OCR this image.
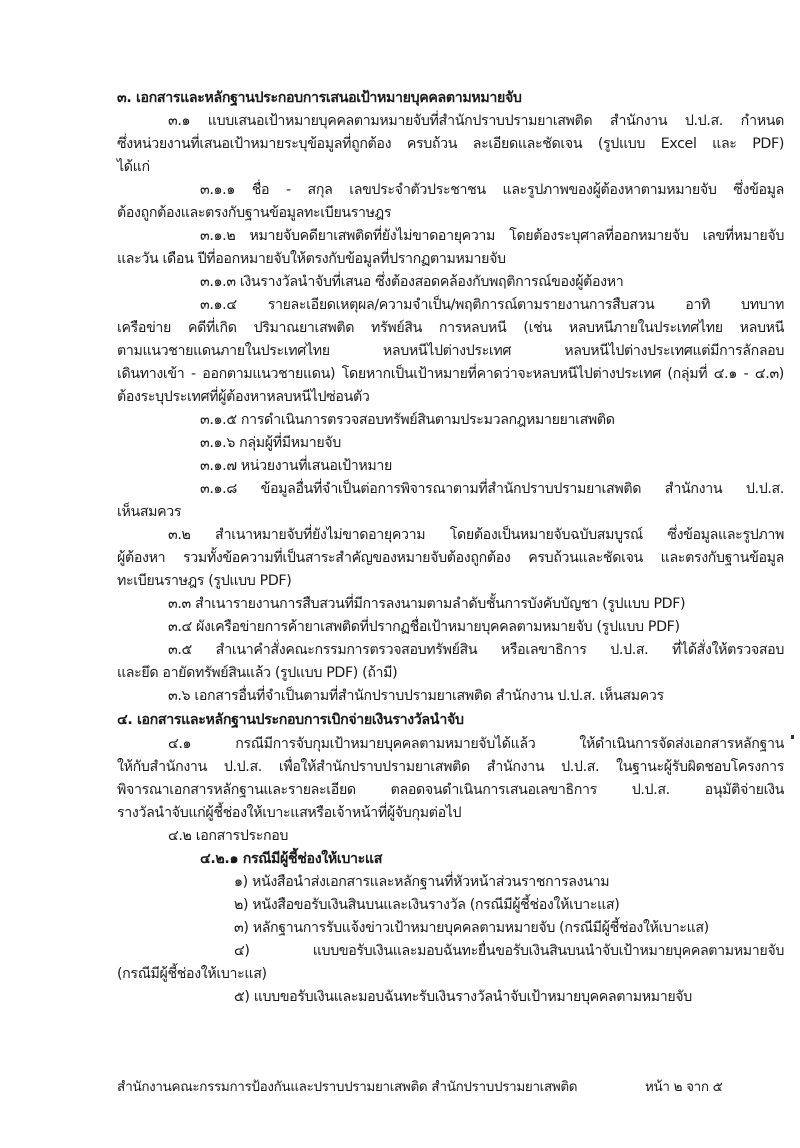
๓. เอกสารและหลักฐานประกอบการเสนอเป้าหมายบุคคลตามหมายจับ
๓.๑ แบบเสนอเป้าหมายบุคคลตามหมายจับที่สำนักปราบปรามยาเสพติด สำนักงาน ป.ป.ส. กำหนด
ซึ่งหน่วยงานที่เสนอเป้าหมายระบุข้อมูลที่ถูกต้อง ครบถ้วน ละเอียดและชัดเจน (รูปแบบ Excel และ PDF)
ได้แก่
๓.๑.๑ ชื่อ - สกุล เลขประจำตัวประชาชน และรูปภาพของผู้ต้องหาตามหมายจับ ซึ่งข้อมูล
ต้องถูกต้องและตรงกับฐานข้อมูลทะเบียนราษฎร
๓.๑.๒ หมายจับคดียาเสพติดที่ยังไม่ขาดอายุความ โดยต้องระบุศาลที่ออกหมายจับ เลขที่หมายจับ
และวัน เดือน ปีที่ออกหมายจับให้ตรงกับข้อมูลที่ปรากฏตามหมายจับ
๓.๑.๓ เงินรางวัลนำจับที่เสนอ ซึ่งต้องสอดคล้องกับพฤติการณ์ของผู้ต้องหา
๓.๑.๔ รายละเอียดเหตุผล/ความจำเป็น/พฤติการณ์ตามรายงานการสืบสวน อาทิ บทบาท
เครือข่าย คดีที่เกิด ปริมาณยาเสพติด ทรัพย์สิน การหลบหนี (เช่น หลบหนีภายในประเทศไทย หลบหนี
ตามแนวชายแดนภายในประเทศไทย หลบหนีไปต่างประเทศ หลบหนีไปต่างประเทศแต่มีการลักลอบ
เดินทางเข้า - ออกตามแนวชายแดน) โดยหากเป็นเป้าหมายที่คาดว่าจะหลบหนีไปต่างประเทศ (กลุ่มที่ ๔.๑ - ๔.๓)
ต้องระบุประเทศที่ผู้ต้องหาหลบหนีไปซ่อนตัว
๓.๑.๕ การดำเนินการตรวจสอบทรัพย์สินตามประมวลกฎหมายยาเสพติด
๓.๑.๖ กลุ่มผู้ที่มีหมายจับ
๓.๑.๗ หน่วยงานที่เสนอเป้าหมาย
๓.๑.๘ ข้อมูลอื่นที่จำเป็นต่อการพิจารณาตามที่สำนักปราบปรามยาเสพติด สำนักงาน ป.ป.ส.
เห็นสมควร
๓.๒ สำเนาหมายจับที่ยังไม่ขาดอายุความ โดยต้องเป็นหมายจับฉบับสมบูรณ์ ซึ่งข้อมูลและรูปภาพ
ผู้ต้องหา รวมทั้งข้อความที่เป็นสาระสำคัญของหมายจับต้องถูกต้อง ครบถ้วนและชัดเจน และตรงกับฐานข้อมูล
ทะเบียนราษฎร (รูปแบบ PDF)
๓.๓ สำเนารายงานการสืบสวนที่มีการลงนามตามลำดับชั้นการบังคับบัญชา (รูปแบบ PDF)
๓.๔ ผังเครือข่ายการค้ายาเสพติดที่ปรากฏชื่อเป้าหมายบุคคลตามหมายจับ (รูปแบบ PDF)
๓.๕ สำเนาคำสั่งคณะกรรมการตรวจสอบทรัพย์สิน หรือเลขาธิการ ป.ป.ส. ที่ได้สั่งให้ตรวจสอบ
และยึด อายัดทรัพย์สินแล้ว (รูปแบบ PDF) (ถ้ามี)
๓.๖ เอกสารอื่นที่จำเป็นตามที่สำนักปราบปรามยาเสพติด สำนักงาน ป.ป.ส. เห็นสมควร
๔. เอกสารและหลักฐานประกอบการเบิกจ่ายเงินรางวัลนำจับ
๔.๑ กรณีมีการจับกุมเป้าหมายบุคคลตามหมายจับได้แล้ว ให้ดำเนินการจัดส่งเอกสารหลักฐาน
ให้กับสำนักงาน ป.ป.ส. เพื่อให้สำนักปราบปรามยาเสพติด สำนักงาน ป.ป.ส. ในฐานะผู้รับผิดชอบโครงการ
พิจารณาเอกสารหลักฐานและรายละเอียด ตลอดจนดำเนินการเสนอเลขาธิการ ป.ป.ส. อนุมัติจ่ายเงิน
รางวัลนำจับแก่ผู้ชี้ช่องให้เบาะแสหรือเจ้าหน้าที่ผู้จับกุมต่อไป
๔.๒ เอกสารประกอบ
๔.๒.๑ กรณีมีผู้ชี้ช่องให้เบาะแส
๑) หนังสือนำส่งเอกสารและหลักฐานที่หัวหน้าส่วนราชการลงนาม
๒) หนังสือขอรับเงินสินบนและเงินรางวัล (กรณีมีผู้ชี้ช่องให้เบาะแส)
๓) หลักฐานการรับแจ้งข่าวเป้าหมายบุคคลตามหมายจับ (กรณีมีผู้ชี้ช่องให้เบาะแส)
๔) แบบขอรับเงินและมอบฉันทะยื่นขอรับเงินสินบนนำจับเป้าหมายบุคคลตามหมายจับ
(กรณีมีผู้ชี้ช่องให้เบาะแส)
๕) แบบขอรับเงินและมอบฉันทะรับเงินรางวัลนำจับเป้าหมายบุคคลตามหมายจับ
สำนักงานคณะกรรมการป้องกันและปราบปรามยาเสพติด สำนักปราบปรามยาเสพติด	หน้า ๒ จาก ๕
